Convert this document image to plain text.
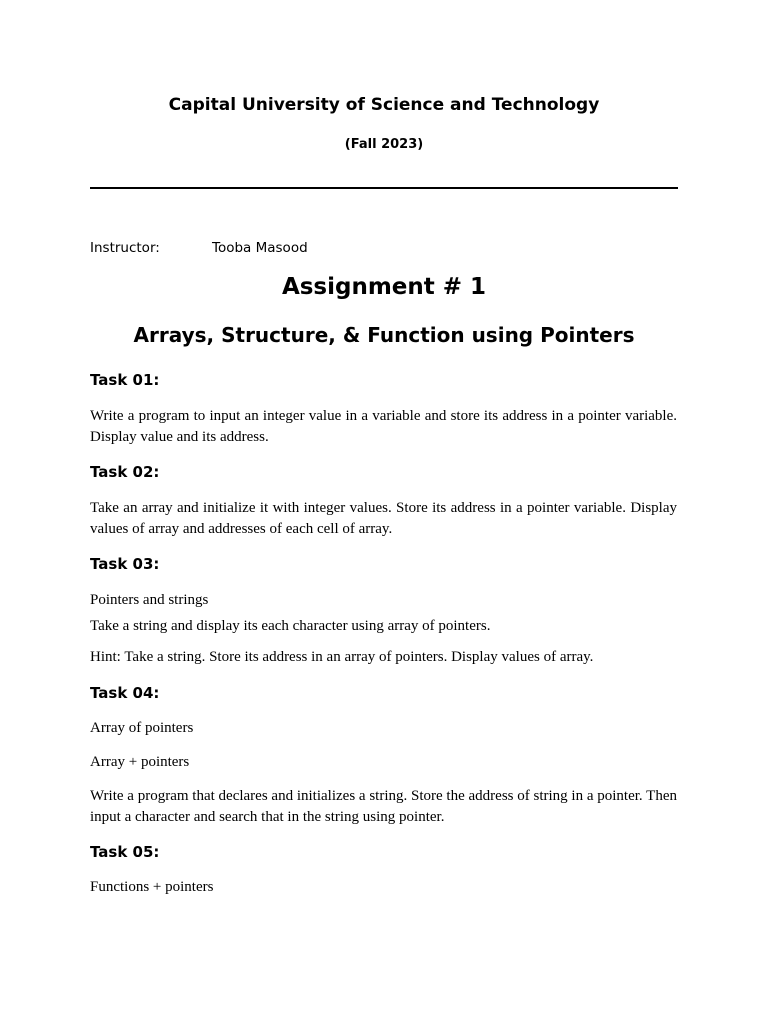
Capital University of Science and Technology
(Fall 2023)
Instructor:	Tooba Masood
Assignment # 1
Arrays, Structure, & Function using Pointers
Task 01:
Write a program to input an integer value in a variable and store its address in a pointer variable. Display value and its address.
Task 02:
Take an array and initialize it with integer values. Store its address in a pointer variable. Display values of array and addresses of each cell of array.
Task 03:
Pointers and strings
Take a string and display its each character using array of pointers.
Hint: Take a string. Store its address in an array of pointers. Display values of array.
Task 04:
Array of pointers
Array + pointers
Write a program that declares and initializes a string. Store the address of string in a pointer. Then input a character and search that in the string using pointer.
Task 05:
Functions + pointers
